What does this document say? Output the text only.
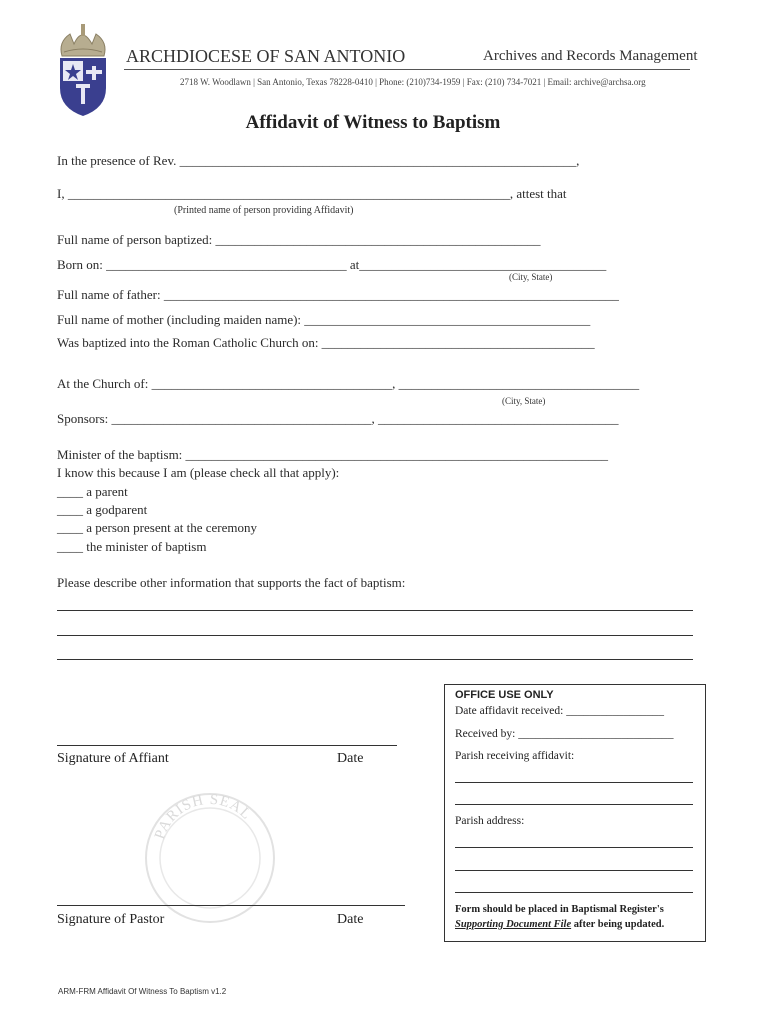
ARCHDIOCESE OF SAN ANTONIO	Archives and Records Management
2718 W. Woodlawn | San Antonio, Texas 78228-0410 | Phone: (210)734-1959 | Fax: (210) 734-7021 | Email: archive@archsa.org
Affidavit of Witness to Baptism
In the presence of Rev. _____________________________________________________________,
I, ____________________________________________________________________, attest that
(Printed name of person providing Affidavit)
Full name of person baptized: __________________________________________________
Born on: _____________________________________ at______________________________________
(City, State)
Full name of father: ______________________________________________________________________
Full name of mother (including maiden name): ____________________________________________
Was baptized into the Roman Catholic Church on: __________________________________________
At the Church of: _____________________________________, _____________________________________
(City, State)
Sponsors: ________________________________________, _____________________________________
Minister of the baptism: _________________________________________________________________
I know this because I am (please check all that apply):
____ a parent
____ a godparent
____ a person present at the ceremony
____ the minister of baptism
Please describe other information that supports the fact of baptism:
Signature of Affiant	Date
PARISH SEAL
Signature of Pastor	Date
OFFICE USE ONLY
Date affidavit received: _________________
Received by: ___________________________
Parish receiving affidavit:
Parish address:
Form should be placed in Baptismal Register's
Supporting Document File after being updated.
ARM-FRM Affidavit Of Witness To Baptism v1.2
